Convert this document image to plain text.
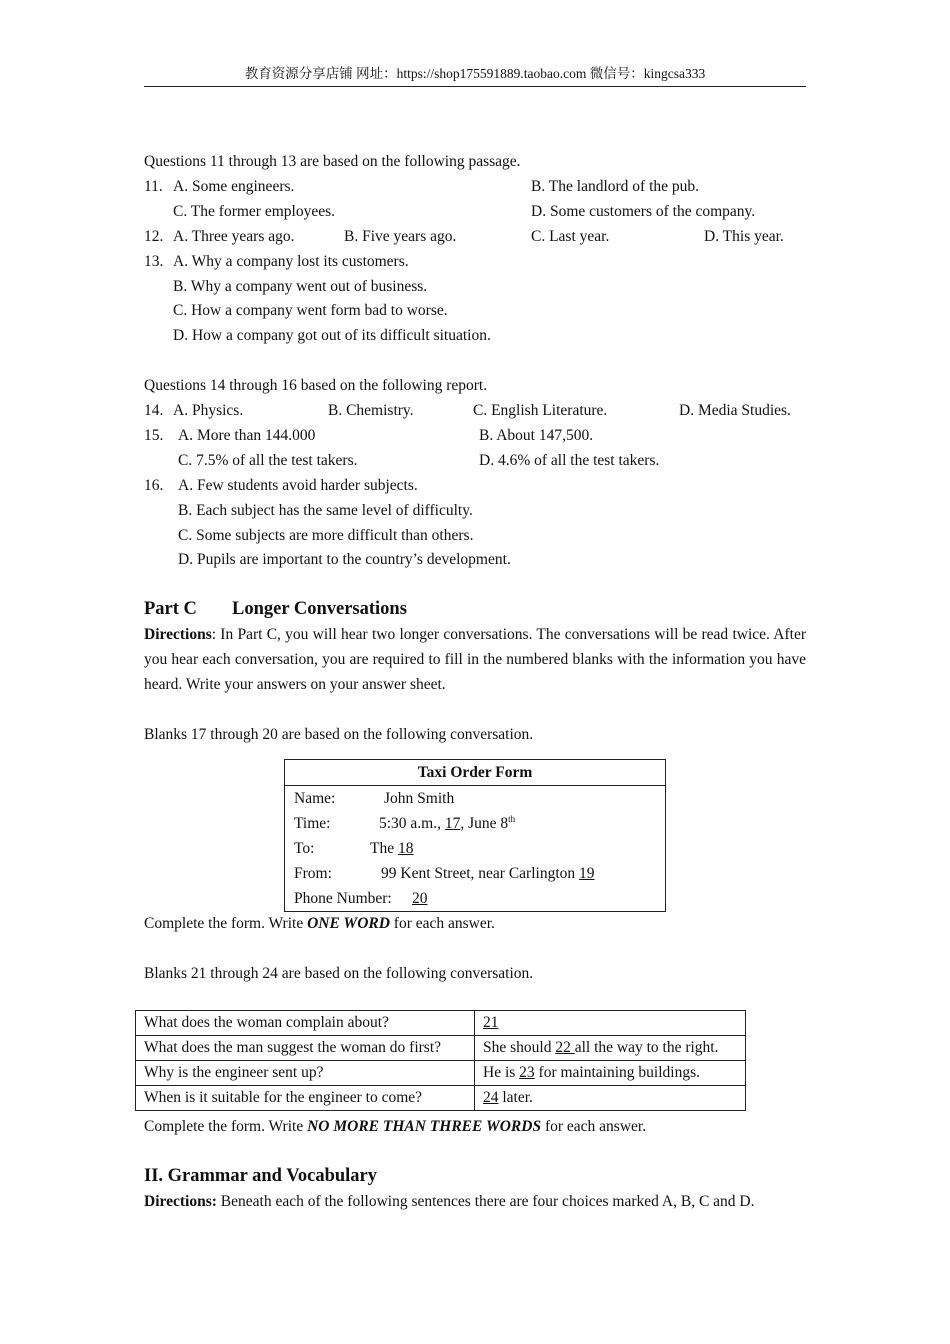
教育资源分享店铺 网址：https://shop175591889.taobao.com 微信号：kingcsa333
Questions 11 through 13 are based on the following passage.
11. A. Some engineers.	B. The landlord of the pub.
C. The former employees.	D. Some customers of the company.
12. A. Three years ago.	B. Five years ago.	C. Last year.	D. This year.
13. A. Why a company lost its customers.
B. Why a company went out of business.
C. How a company went form bad to worse.
D. How a company got out of its difficult situation.
Questions 14 through 16 based on the following report.
14. A. Physics.	B. Chemistry.	C. English Literature.	D. Media Studies.
15. A. More than 144.000	B. About 147,500.
C. 7.5% of all the test takers.	D. 4.6% of all the test takers.
16. A. Few students avoid harder subjects.
B. Each subject has the same level of difficulty.
C. Some subjects are more difficult than others.
D. Pupils are important to the country’s development.
Part C Longer Conversations
Directions: In Part C, you will hear two longer conversations. The conversations will be read twice. After you hear each conversation, you are required to fill in the numbered blanks with the information you have heard. Write your answers on your answer sheet.
Blanks 17 through 20 are based on the following conversation.
Taxi Order Form
Name:	John Smith
Time:	5:30 a.m., 17, June 8th
To:	The 18
From:	99 Kent Street, near Carlington 19
Phone Number: 20
Complete the form. Write ONE WORD for each answer.
Blanks 21 through 24 are based on the following conversation.
What does the woman complain about?	21
What does the man suggest the woman do first?	She should 22 all the way to the right.
Why is the engineer sent up?	He is 23 for maintaining buildings.
When is it suitable for the engineer to come?	24 later.
Complete the form. Write NO MORE THAN THREE WORDS for each answer.
II. Grammar and Vocabulary
Directions: Beneath each of the following sentences there are four choices marked A, B, C and D.
